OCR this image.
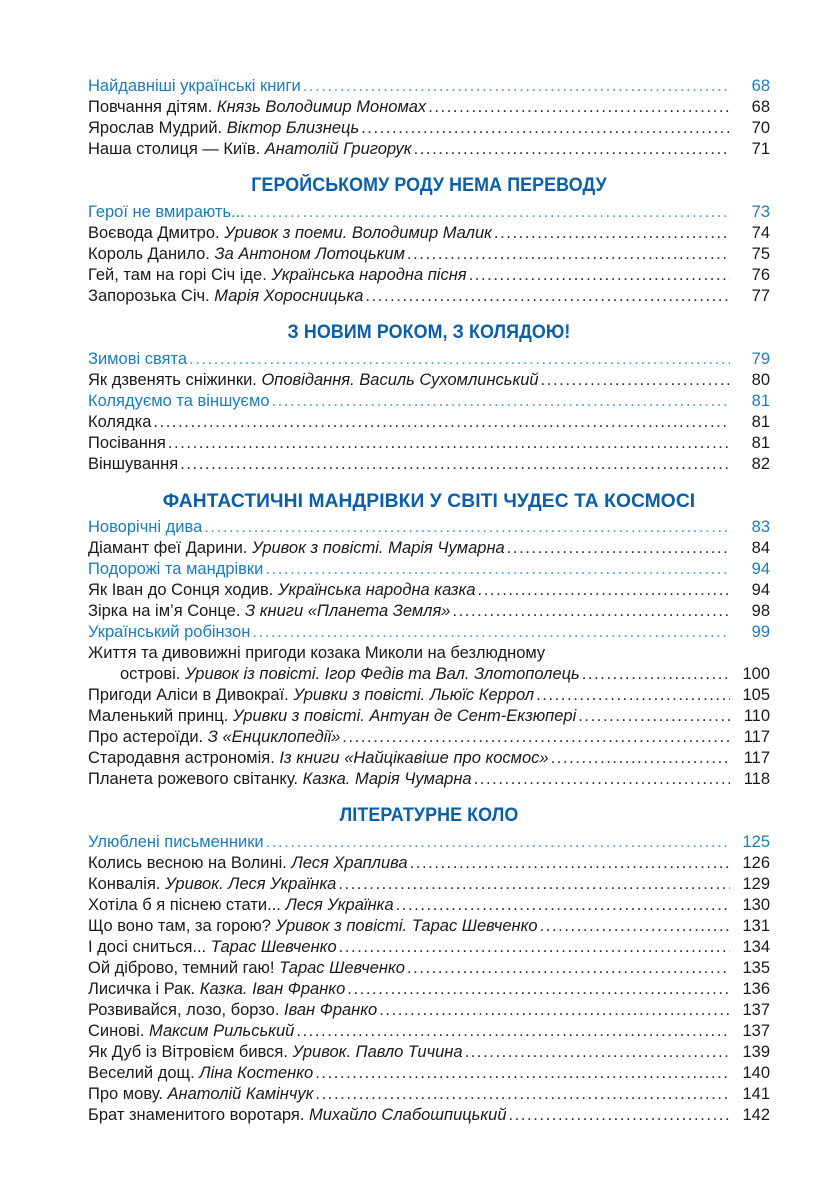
Найдавніші українські книги .....	68
Повчання дітям. Князь Володимир Мономах .....	68
Ярослав Мудрий. Віктор Близнець .....	70
Наша столиця — Київ. Анатолій Григорук .....	71
ГЕРОЙСЬКОМУ РОДУ НЕМА ПЕРЕВОДУ
Герої не вмирають... .....	73
Воєвода Дмитро. Уривок з поеми. Володимир Малик .....	74
Король Данило. За Антоном Лотоцьким .....	75
Гей, там на горі Січ іде. Українська народна пісня .....	76
Запорозька Січ. Марія Хоросницька .....	77
З НОВИМ РОКОМ, З КОЛЯДОЮ!
Зимові свята .....	79
Як дзвенять сніжинки. Оповідання. Василь Сухомлинський .....	80
Колядуємо та віншуємо .....	81
Колядка .....	81
Посівання .....	81
Віншування .....	82
ФАНТАСТИЧНІ МАНДРІВКИ У СВІТІ ЧУДЕС ТА КОСМОСІ
Новорічні дива .....	83
Діамант феї Дарини. Уривок з повісті. Марія Чумарна .....	84
Подорожі та мандрівки .....	94
Як Іван до Сонця ходив. Українська народна казка .....	94
Зірка на ім’я Сонце. З книги «Планета Земля» .....	98
Український робінзон .....	99
Життя та дивовижні пригоди козака Миколи на безлюдному
острові. Уривок із повісті. Ігор Федів та Вал. Злотополець .....	100
Пригоди Аліси в Дивокраї. Уривки з повісті. Льюїс Керрол .....	105
Маленький принц. Уривки з повісті. Антуан де Сент-Екзюпері .....	110
Про астероїди. З «Енциклопедії» .....	117
Стародавня астрономія. Із книги «Найцікавіше про космос» .....	117
Планета рожевого світанку. Казка. Марія Чумарна .....	118
ЛІТЕРАТУРНЕ КОЛО
Улюблені письменники .....	125
Колись весною на Волині. Леся Храплива .....	126
Конвалія. Уривок. Леся Українка .....	129
Хотіла б я піснею стати... Леся Українка .....	130
Що воно там, за горою? Уривок з повісті. Тарас Шевченко .....	131
І досі сниться... Тарас Шевченко .....	134
Ой діброво, темний гаю! Тарас Шевченко .....	135
Лисичка і Рак. Казка. Іван Франко .....	136
Розвивайся, лозо, борзо. Іван Франко .....	137
Синові. Максим Рильський .....	137
Як Дуб із Вітровієм бився. Уривок. Павло Тичина .....	139
Веселий дощ. Ліна Костенко .....	140
Про мову. Анатолій Камінчук .....	141
Брат знаменитого воротаря. Михайло Слабошпицький .....	142
